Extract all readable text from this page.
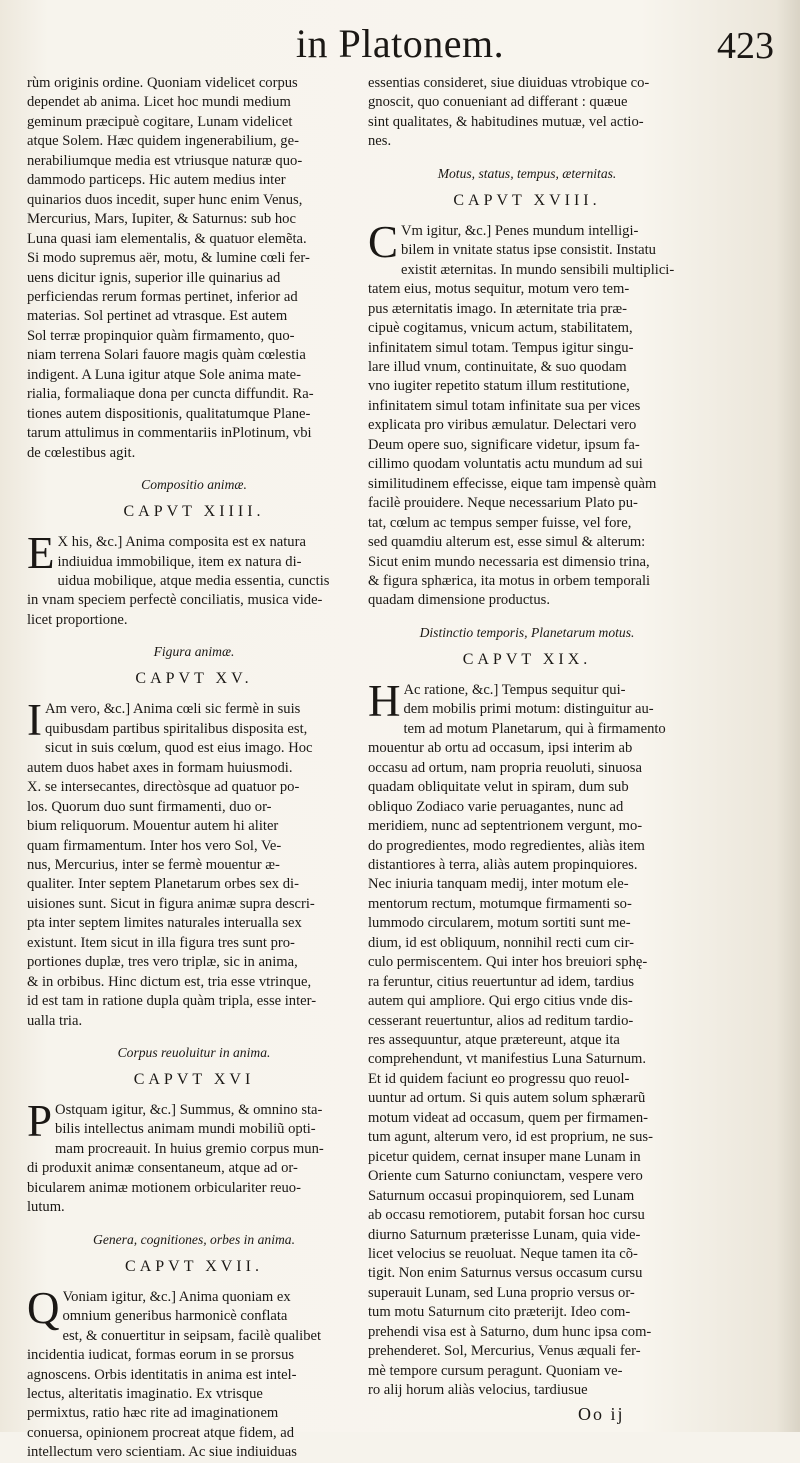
in Platonem.	423
rùm originis ordine. Quoniam videlicet corpus
dependet ab anima. Licet hoc mundi medium
geminum præcipuè cogitare, Lunam videlicet
atque Solem. Hæc quidem ingenerabilium, ge-
nerabiliumque media est vtriusque naturæ quo-
dammodo particeps. Hic autem medius inter
quinarios duos incedit, super hunc enim Venus,
Mercurius, Mars, Iupiter, & Saturnus: sub hoc
Luna quasi iam elementalis, & quatuor elemẽta.
Si modo supremus aër, motu, & lumine cœli fer-
uens dicitur ignis, superior ille quinarius ad
perficiendas rerum formas pertinet, inferior ad
materias. Sol pertinet ad vtrasque. Est autem
Sol terræ propinquior quàm firmamento, quo-
niam terrena Solari fauore magis quàm cœlestia
indigent. A Luna igitur atque Sole anima mate-
rialia, formaliaque dona per cuncta diffundit. Ra-
tiones autem dispositionis, qualitatumque Plane-
tarum attulimus in commentariis inPlotinum, vbi
de cœlestibus agit.
Compositio animæ.
CAPVT XIIII.
E X his, &c.] Anima composita est ex natura
indiuidua immobilique, item ex natura di-
uidua mobilique, atque media essentia, cunctis
in vnam speciem perfectè conciliatis, musica vide-
licet proportione.
Figura animæ.
CAPVT XV.
I Am vero, &c.] Anima cœli sic fermè in suis
quibusdam partibus spiritalibus disposita est,
sicut in suis cœlum, quod est eius imago. Hoc
autem duos habet axes in formam huiusmodi.
X. se intersecantes, directòsque ad quatuor po-
los. Quorum duo sunt firmamenti, duo or-
bium reliquorum. Mouentur autem hi aliter
quam firmamentum. Inter hos vero Sol, Ve-
nus, Mercurius, inter se fermè mouentur æ-
qualiter. Inter septem Planetarum orbes sex di-
uisiones sunt. Sicut in figura animæ supra descri-
pta inter septem limites naturales interualla sex
existunt. Item sicut in illa figura tres sunt pro-
portiones duplæ, tres vero triplæ, sic in anima,
& in orbibus. Hinc dictum est, tria esse vtrinque,
id est tam in ratione dupla quàm tripla, esse inter-
ualla tria.
Corpus reuoluitur in anima.
CAPVT XVI
P Ostquam igitur, &c.] Summus, & omnino sta-
bilis intellectus animam mundi mobiliũ opti-
mam procreauit. In huius gremio corpus mun-
di produxit animæ consentaneum, atque ad or-
bicularem animæ motionem orbiculariter reuo-
lutum.
Genera, cognitiones, orbes in anima.
CAPVT XVII.
Q Voniam igitur, &c.] Anima quoniam ex
omnium generibus harmonicè conflata
est, & conuertitur in seipsam, facilè qualibet
incidentia iudicat, formas eorum in se prorsus
agnoscens. Orbis identitatis in anima est intel-
lectus, alteritatis imaginatio. Ex vtrisque
permixtus, ratio hæc rite ad imaginationem
conuersa, opinionem procreat atque fidem, ad
intellectum vero scientiam. Ac siue indiuiduas
essentias consideret, siue diuiduas vtrobique co-
gnoscit, quo conueniant ad differant : quæue
sint qualitates, & habitudines mutuæ, vel actio-
nes.
Motus, status, tempus, æternitas.
CAPVT XVIII.
C Vm igitur, &c.] Penes mundum intelligi-
bilem in vnitate status ipse consistit. Instatu
existit æternitas. In mundo sensibili multiplici-
tatem eius, motus sequitur, motum vero tem-
pus æternitatis imago. In æternitate tria præ-
cipuè cogitamus, vnicum actum, stabilitatem,
infinitatem simul totam. Tempus igitur singu-
lare illud vnum, continuitate, & suo quodam
vno iugiter repetito statum illum restitutione,
infinitatem simul totam infinitate sua per vices
explicata pro viribus æmulatur. Delectari vero
Deum opere suo, significare videtur, ipsum fa-
cillimo quodam voluntatis actu mundum ad sui
similitudinem effecisse, eique tam impensè quàm
facilè prouidere. Neque necessarium Plato pu-
tat, cœlum ac tempus semper fuisse, vel fore,
sed quamdiu alterum est, esse simul & alterum:
Sicut enim mundo necessaria est dimensio trina,
& figura sphærica, ita motus in orbem temporali
quadam dimensione productus.
Distinctio temporis, Planetarum motus.
CAPVT XIX.
H Ac ratione, &c.] Tempus sequitur qui-
dem mobilis primi motum: distinguitur au-
tem ad motum Planetarum, qui à firmamento
mouentur ab ortu ad occasum, ipsi interim ab
occasu ad ortum, nam propria reuoluti, sinuosa
quadam obliquitate velut in spiram, dum sub
obliquo Zodiaco varie peruagantes, nunc ad
meridiem, nunc ad septentrionem vergunt, mo-
do progredientes, modo regredientes, aliàs item
distantiores à terra, aliàs autem propinquiores.
Nec iniuria tanquam medij, inter motum ele-
mentorum rectum, motumque firmamenti so-
lummodo circularem, motum sortiti sunt me-
dium, id est obliquum, nonnihil recti cum cir-
culo permiscentem. Qui inter hos breuiori sphę-
ra feruntur, citius reuertuntur ad idem, tardius
autem qui ampliore. Qui ergo citius vnde dis-
cesserant reuertuntur, alios ad reditum tardio-
res assequuntur, atque prætereunt, atque ita
comprehendunt, vt manifestius Luna Saturnum.
Et id quidem faciunt eo progressu quo reuol-
uuntur ad ortum. Si quis autem solum sphærarũ
motum videat ad occasum, quem per firmamen-
tum agunt, alterum vero, id est proprium, ne sus-
picetur quidem, cernat insuper mane Lunam in
Oriente cum Saturno coniunctam, vespere vero
Saturnum occasui propinquiorem, sed Lunam
ab occasu remotiorem, putabit forsan hoc cursu
diurno Saturnum præterisse Lunam, quia vide-
licet velocius se reuoluat. Neque tamen ita cõ-
tigit. Non enim Saturnus versus occasum cursu
superauit Lunam, sed Luna proprio versus or-
tum motu Saturnum cito præterijt. Ideo com-
prehendi visa est à Saturno, dum hunc ipsa com-
prehenderet. Sol, Mercurius, Venus æquali fer-
mè tempore cursum peragunt. Quoniam ve-
ro alij horum aliàs velocius, tardiusue
Oo ij
